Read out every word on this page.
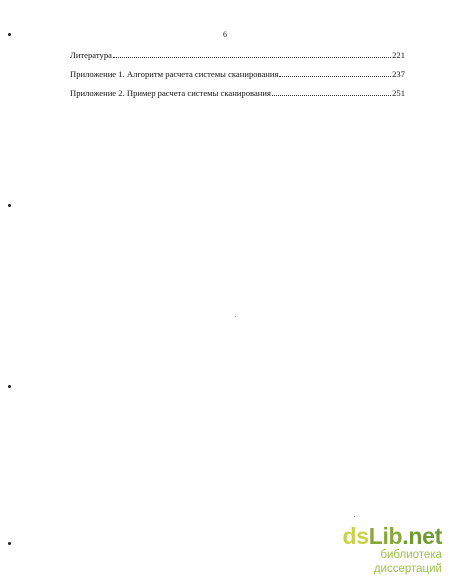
6
Литература	221
Приложение 1. Алгоритм расчета системы сканирования	237
Приложение 2. Пример расчета системы сканирования	251
dsLib.net
библиотека диссертаций
